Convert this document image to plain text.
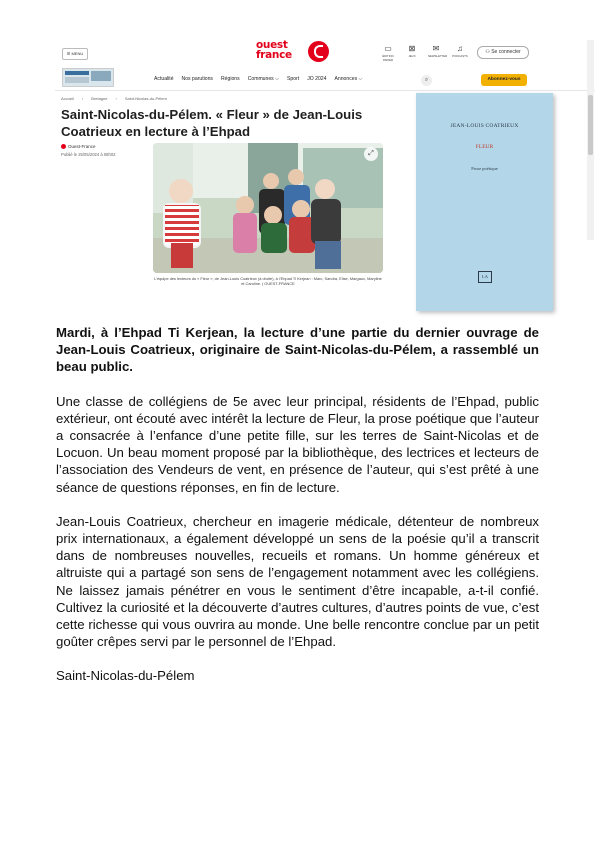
☰ MENU
ouest
france
▭
ÉDITION PAPIER
⊠
JEUX
✉
NEWSLETTER
♫
PODCASTS
⚇ Se connecter
Actualité Nos parutions Régions Communes ⌵ Sport JO 2024 Annonces ⌵	⌕	Abonnez-vous
Accueil › Bretagne › Saint-Nicolas-du-Pélem
Saint-Nicolas-du-Pélem. « Fleur » de Jean-Louis Coatrieux en lecture à l’Ehpad
Ouest-France
Publié le 25/05/2024 à 08h02	⤢
L’équipe des lecteurs du « Fleur », de Jean-Louis Coatrieux (à droite), à l’Ehpad Ti Kerjean : Marc, Sandra, Elise, Margaux, Maryline et Caroline. | OUEST-FRANCE
JEAN-LOUIS COATRIEUX
FLEUR
Prose poétique
LA

Mardi, à l’Ehpad Ti Kerjean, la lecture d’une partie du dernier ouvrage de Jean-Louis Coatrieux, originaire de Saint-Nicolas-du-Pélem, a rassemblé un beau public.

Une classe de collégiens de 5e avec leur principal, résidents de l’Ehpad, public extérieur, ont écouté avec intérêt la lecture de Fleur, la prose poétique que l’auteur a consacrée à l’enfance d’une petite fille, sur les terres de Saint-Nicolas et de Locuon. Un beau moment proposé par la bibliothèque, des lectrices et lecteurs de l’association des Vendeurs de vent, en présence de l’auteur, qui s’est prêté à une séance de questions réponses, en fin de lecture.

Jean-Louis Coatrieux, chercheur en imagerie médicale, détenteur de nombreux prix internationaux, a également développé un sens de la poésie qu’il a transcrit dans de nombreuses nouvelles, recueils et romans. Un homme généreux et altruiste qui a partagé son sens de l’engagement notamment avec les collégiens. Ne laissez jamais pénétrer en vous le sentiment d’être incapable, a-t-il confié. Cultivez la curiosité et la découverte d’autres cultures, d’autres points de vue, c’est cette richesse qui vous ouvrira au monde. Une belle rencontre conclue par un petit goûter crêpes servi par le personnel de l’Ehpad.

Saint-Nicolas-du-Pélem
